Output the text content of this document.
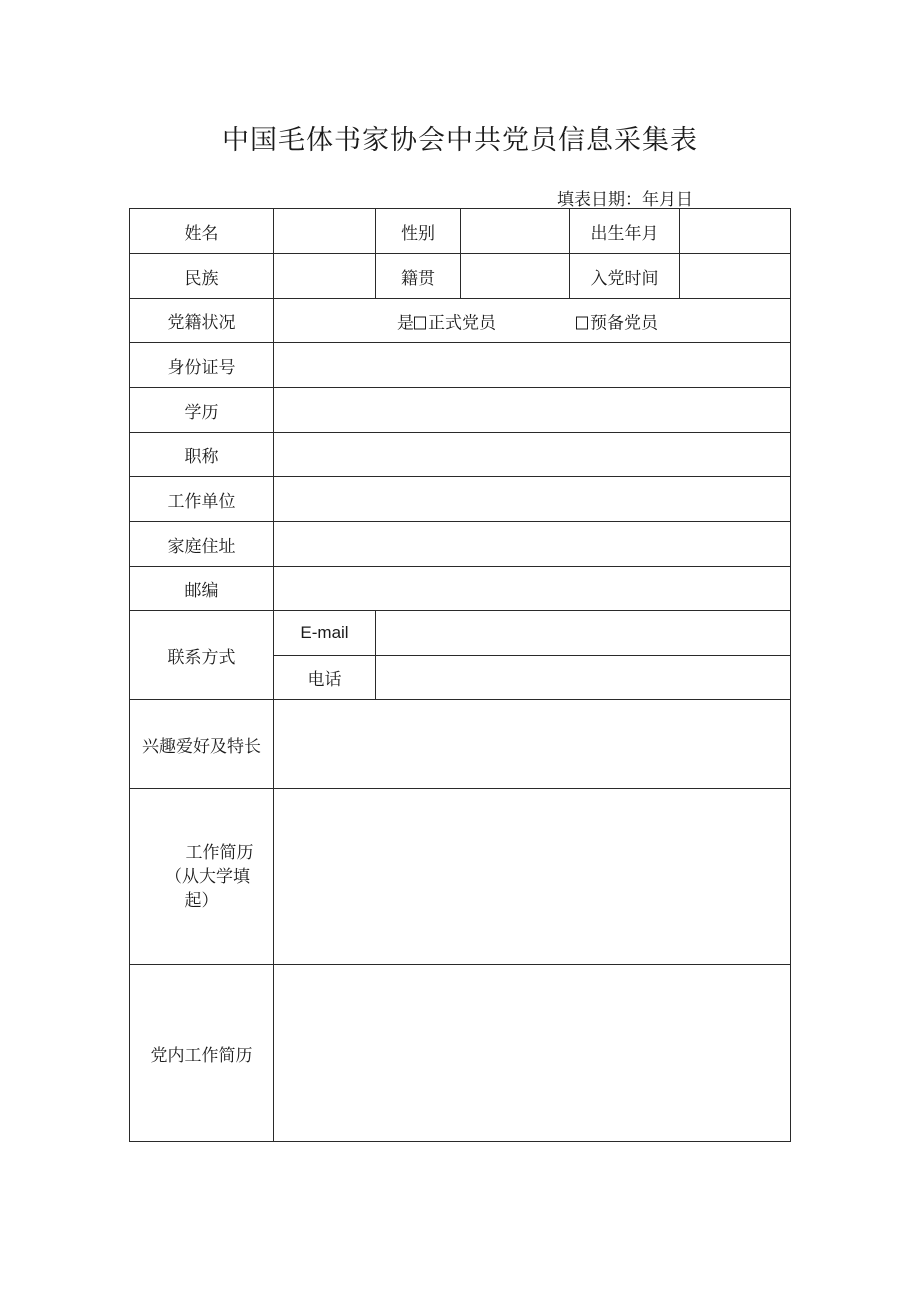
中国毛体书家协会中共党员信息采集表
填表日期：年月日
姓名		性别		出生年月	
民族		籍贯		入党时间	
党籍状况	是 正式党员 预备党员				

身份证号					
学历					
职称					
工作单位					
家庭住址					
邮编					
联系方式	E-mail				
	电话				
兴趣爱好及特长					

工作简历
（从大学填
起）					

党内工作简历					
